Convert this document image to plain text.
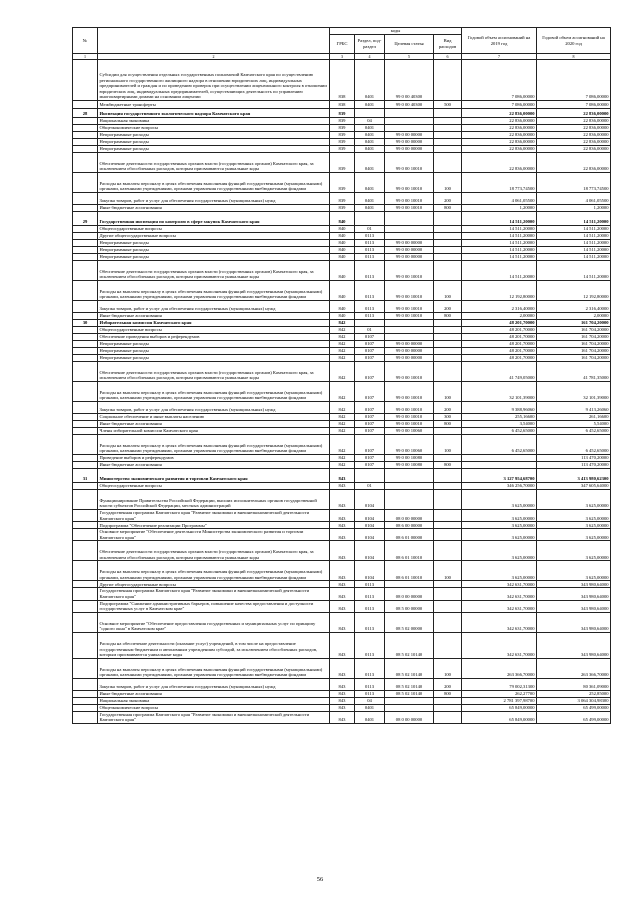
№		коды				Годовой объем ассигнований на 2019 год	Годовой объем ассигнований на 2020 год
		ГРБС	Раздел, под-раздел	Целевая статья	Вид расходов		
1	2	3	4	5	6	7	8
	Субсидии для осуществления отдельных государственных полномочий Камчатского края по осуществлению регионального государственного жилищного надзора в отношении юридических лиц, индивидуальных предпринимателей и граждан и по проведению проверок при осуществлении лицензионного контроля в отношении юридических лиц, индивидуальных предпринимателей, осуществляющих деятельность по управлению многоквартирными домами на основании лицензии	838	0401	99 0 00 40300		7 086,00000	7 086,00000
	Межбюджетные трансферты	838	0401	99 0 00 40300	500	7 086,00000	7 086,00000
28	Инспекция государственного экологического надзора Камчатского края	839				22 836,00000	22 836,00000
	Национальная экономика	839	04			22 836,00000	22 836,00000
	Общеэкономические вопросы	839	0401			22 836,00000	22 836,00000
	Непрограммные расходы	839	0401	99 0 00 00000		22 836,00000	22 836,00000
	Непрограммные расходы	839	0401	99 0 00 00000		22 836,00000	22 836,00000
	Непрограммные расходы	839	0401	99 0 00 00000		22 836,00000	22 836,00000
	Обеспечение деятельности государственных органов власти (государственных органов) Камчатского края, за исключением обособленных расходов, которым присваиваются уникальные коды	839	0401	99 0 00 10010		22 836,00000	22 836,00000
	Расходы на выплаты персоналу в целях обеспечения выполнения функций государственными (муниципальными) органами, казенными учреждениями, органами управления государственными внебюджетными фондами	839	0401	99 0 00 10010	100	18 773,74500	18 773,74500
	Закупка товаров, работ и услуг для обеспечения государственных (муниципальных) нужд	839	0401	99 0 00 10010	200	4 061,05500	4 061,05500
	Иные бюджетные ассигнования	839	0401	99 0 00 10010	800	1,20000	1,20000
29	Государственная инспекция по контролю в сфере закупок Камчатского края	840				14 511,20000	14 511,20000
	Общегосударственные вопросы	840	01			14 511,20000	14 511,20000
	Другие общегосударственные вопросы	840	0113			14 511,20000	14 511,20000
	Непрограммные расходы	840	0113	99 0 00 00000		14 511,20000	14 511,20000
	Непрограммные расходы	840	0113	99 0 00 00000		14 511,20000	14 511,20000
	Непрограммные расходы	840	0113	99 0 00 00000		14 511,20000	14 511,20000
	Обеспечение деятельности государственных органов власти (государственных органов) Камчатского края, за исключением обособленных расходов, которым присваиваются уникальные коды	840	0113	99 0 00 10010		14 511,20000	14 511,20000
	Расходы на выплаты персоналу в целях обеспечения выполнения функций государственными (муниципальными) органами, казенными учреждениями, органами управления государственными внебюджетными фондами	840	0113	99 0 00 10010	100	12 192,80000	12 192,80000
	Закупка товаров, работ и услуг для обеспечения государственных (муниципальных) нужд	840	0113	99 0 00 10010	200	2 316,40000	2 316,40000
	Иные бюджетные ассигнования	840	0113	99 0 00 10010	800	2,00000	2,00000
30	Избирательная комиссия Камчатского края	842				48 201,70000	161 704,20000
	Общегосударственные вопросы	842	01			48 201,70000	161 704,20000
	Обеспечение проведения выборов и референдумов	842	0107			48 201,70000	161 704,20000
	Непрограммные расходы	842	0107	99 0 00 00000		48 201,70000	161 704,20000
	Непрограммные расходы	842	0107	99 0 00 00000		48 201,70000	161 704,20000
	Непрограммные расходы	842	0107	99 0 00 00000		48 201,70000	161 704,20000
	Обеспечение деятельности государственных органов власти (государственных органов) Камчатского края, за исключением обособленных расходов, которым присваиваются уникальные коды	842	0107	99 0 00 10010		41 749,05000	41 781,35000
	Расходы на выплаты персоналу в целях обеспечения выполнения функций государственными (муниципальными) органами, казенными учреждениями, органами управления государственными внебюджетными фондами	842	0107	99 0 00 10010	100	32 101,39000	32 101,39000
	Закупка товаров, работ и услуг для обеспечения государственных (муниципальных) нужд	842	0107	99 0 00 10010	200	9 388,96060	9 413,26060
	Социальное обеспечение и иные выплаты населению	842	0107	99 0 00 10010	300	255,16600	261,16600
	Иные бюджетные ассигнования	842	0107	99 0 00 10010	800	3,54000	5,54000
	Члены избирательной комиссии Камчатского края	842	0107	99 0 00 10060		6 452,65000	6 452,65000
	Расходы на выплаты персоналу в целях обеспечения выполнения функций государственными (муниципальными) органами, казенными учреждениями, органами управления государственными внебюджетными фондами	842	0107	99 0 00 10060	100	6 452,65000	6 452,65000
	Проведение выборов и референдумов	842	0107	99 0 00 10080			113 470,20000
	Иные бюджетные ассигнования	842	0107	99 0 00 10080	800		113 470,20000
31	Министерство экономического развития и торговли Камчатского края	843				3 127 954,68700	3 413 980,62300
	Общегосударственные вопросы	843	01			346 256,70000	347 605,64000
	Функционирование Правительства Российской Федерации, высших исполнительных органов государственной власти субъектов Российской Федерации, местных администраций	843	0104			3 625,00000	3 625,00000
	Государственная программа Камчатского края "Развитие экономики и внешнеэкономической деятельности Камчатского края"	843	0104	08 0 00 00000		3 625,00000	3 625,00000
	Подпрограмма "Обеспечение реализации Программы"	843	0104	08 6 00 00000		3 625,00000	3 625,00000
	Основное мероприятие "Обеспечение деятельности Министерства экономического развития и торговли Камчатского края"	843	0104	08 6 01 00000		3 625,00000	3 625,00000
	Обеспечение деятельности государственных органов власти (государственных органов) Камчатского края, за исключением обособленных расходов, которым присваиваются уникальные коды	843	0104	08 6 01 10010		3 625,00000	3 625,00000
	Расходы на выплаты персоналу в целях обеспечения выполнения функций государственными (муниципальными) органами, казенными учреждениями, органами управления государственными внебюджетными фондами	843	0104	08 6 01 10010	100	3 625,00000	3 625,00000
	Другие общегосударственные вопросы	843	0113			342 631,70000	343 980,64000
	Государственная программа Камчатского края "Развитие экономики и внешнеэкономической деятельности Камчатского края"	843	0113	08 0 00 00000		342 631,70000	343 980,64000
	Подпрограмма "Снижение административных барьеров, повышение качества предоставления и доступности государственных услуг в Камчатском крае"	843	0113	08 5 00 00000		342 631,70000	343 980,64000
	Основное мероприятие "Обеспечение предоставления государственных и муниципальных услуг по принципу "одного окна" в Камчатском крае"	843	0113	08 5 02 00000		342 631,70000	343 980,64000
	Расходы на обеспечение деятельности (оказание услуг) учреждений, в том числе на предоставление государственным бюджетным и автономным учреждениям субсидий, за исключением обособленных расходов, которым присваиваются уникальные коды	843	0113	08 5 02 10140		342 631,70000	343 980,64000
	Расходы на выплаты персоналу в целях обеспечения выполнения функций государственными (муниципальными) органами, казенными учреждениями, органами управления государственными внебюджетными фондами	843	0113	08 5 02 10140	100	263 366,70000	263 366,70000
	Закупка товаров, работ и услуг для обеспечения государственных (муниципальных) нужд	843	0113	08 5 02 10140	200	79 002,31300	80 361,09000
	Иные бюджетные ассигнования	843	0113	08 5 02 10140	800	262,27700	252,85000
	Национальная экономика	843	04			2 781 397,98700	3 064 304,98300
	Общеэкономические вопросы	843	0401			65 849,00000	65 499,00000
	Государственная программа Камчатского края "Развитие экономики и внешнеэкономической деятельности Камчатского края"	843	0401	08 0 00 00000		65 849,00000	65 499,00000
56
